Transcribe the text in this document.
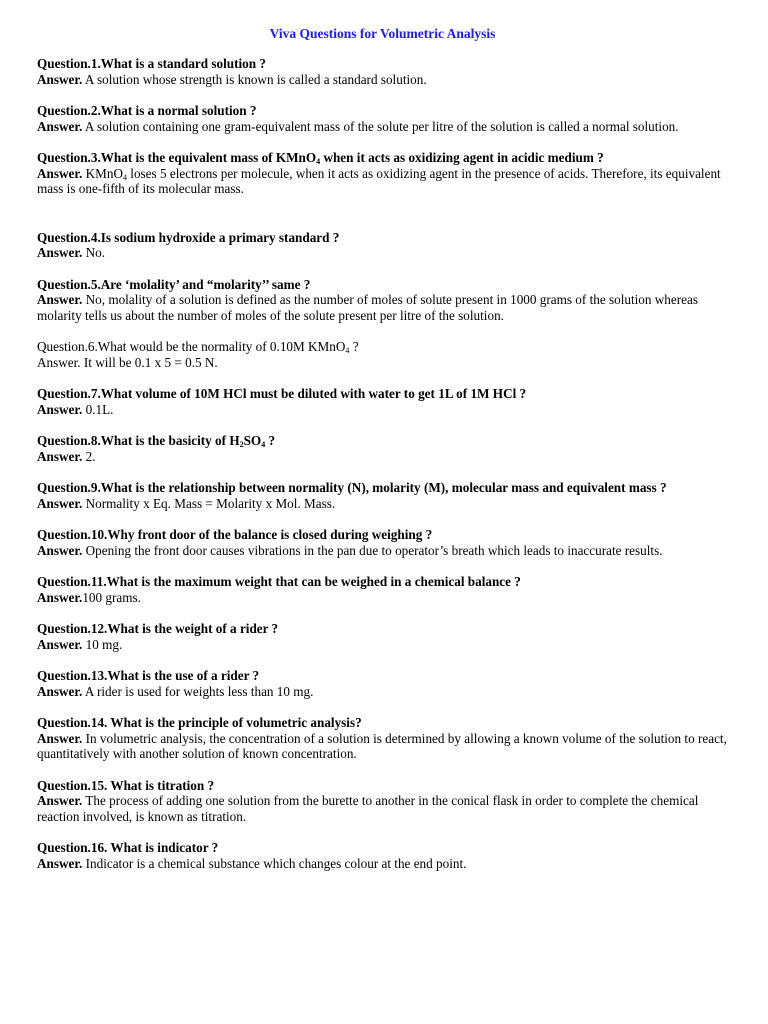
Viva Questions for Volumetric Analysis
Question.1.What is a standard solution ?
Answer. A solution whose strength is known is called a standard solution.
Question.2.What is a normal solution ?
Answer. A solution containing one gram-equivalent mass of the solute per litre of the solution is called a normal solution.
Question.3.What is the equivalent mass of KMnO$_4$ when it acts as oxidizing agent in acidic medium ?
Answer. KMnO$_4$ loses 5 electrons per molecule, when it acts as oxidizing agent in the presence of acids. Therefore, its equivalent mass is one-fifth of its molecular mass.
Question.4.Is sodium hydroxide a primary standard ?
Answer. No.
Question.5.Are ‘molality’ and “molarity’’ same ?
Answer. No, molality of a solution is defined as the number of moles of solute present in 1000 grams of the solution whereas molarity tells us about the number of moles of the solute present per litre of the solution.
Question.6.What would be the normality of 0.10M KMnO$_4$ ?
Answer. It will be 0.1 x 5 = 0.5 N.
Question.7.What volume of 10M HCl must be diluted with water to get 1L of 1M HCl ?
Answer. 0.1L.
Question.8.What is the basicity of $H_2SO_4$ ?
Answer. 2.
Question.9.What is the relationship between normality (N), molarity (M), molecular mass and equivalent mass ?
Answer. Normality x Eq. Mass = Molarity x Mol. Mass.
Question.10.Why front door of the balance is closed during weighing ?
Answer. Opening the front door causes vibrations in the pan due to operator’s breath which leads to inaccurate results.
Question.11.What is the maximum weight that can be weighed in a chemical balance ?
Answer.100 grams.
Question.12.What is the weight of a rider ?
Answer. 10 mg.
Question.13.What is the use of a rider ?
Answer. A rider is used for weights less than 10 mg.
Question.14. What is the principle of volumetric analysis?
Answer. In volumetric analysis, the concentration of a solution is determined by allowing a known volume of the solution to react, quantitatively with another solution of known concentration.
Question.15. What is titration ?
Answer. The process of adding one solution from the burette to another in the conical flask in order to complete the chemical reaction involved, is known as titration.
Question.16. What is indicator ?
Answer. Indicator is a chemical substance which changes colour at the end point.
